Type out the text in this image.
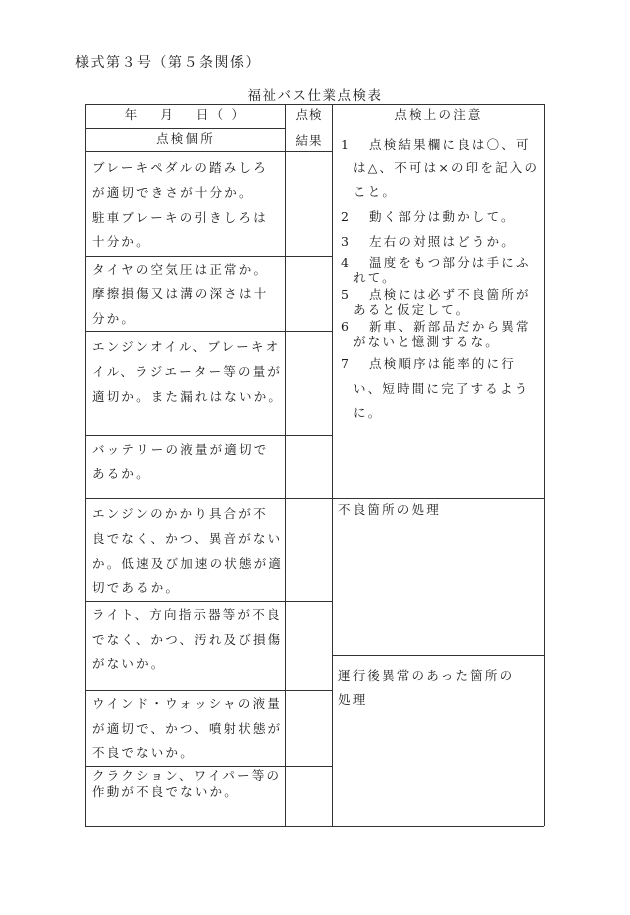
様式第３号（第５条関係）
福祉バス仕業点検表
年　 月　 日（ ）
点検個所
点検
結果
点検上の注意
ブレーキペダルの踏みしろ
が適切できさが十分か。
駐車ブレーキの引きしろは
十分か。
タイヤの空気圧は正常か。
摩擦損傷又は溝の深さは十
分か。
エンジンオイル、ブレーキオ
イル、ラジエーター等の量が
適切か。また漏れはないか。
バッテリーの液量が適切で
あるか。
エンジンのかかり具合が不
良でなく、かつ、異音がない
か。低速及び加速の状態が適
切であるか。
ライト、方向指示器等が不良
でなく、かつ、汚れ及び損傷
がないか。
ウインド・ウォッシャの液量
が適切で、かつ、噴射状態が
不良でないか。
クラクション、ワイパー等の
作動が不良でないか。
1 点検結果欄に良は〇、可
は△、不可は×の印を記入の
こと。
2 動く部分は動かして。
3 左右の対照はどうか。
4 温度をもつ部分は手にふ
れて。
5 点検には必ず不良箇所が
あると仮定して。
6 新車、新部品だから異常
がないと憶測するな。
7 点検順序は能率的に行
い、短時間に完了するよう
に。
不良箇所の処理
運行後異常のあった箇所の
処理
